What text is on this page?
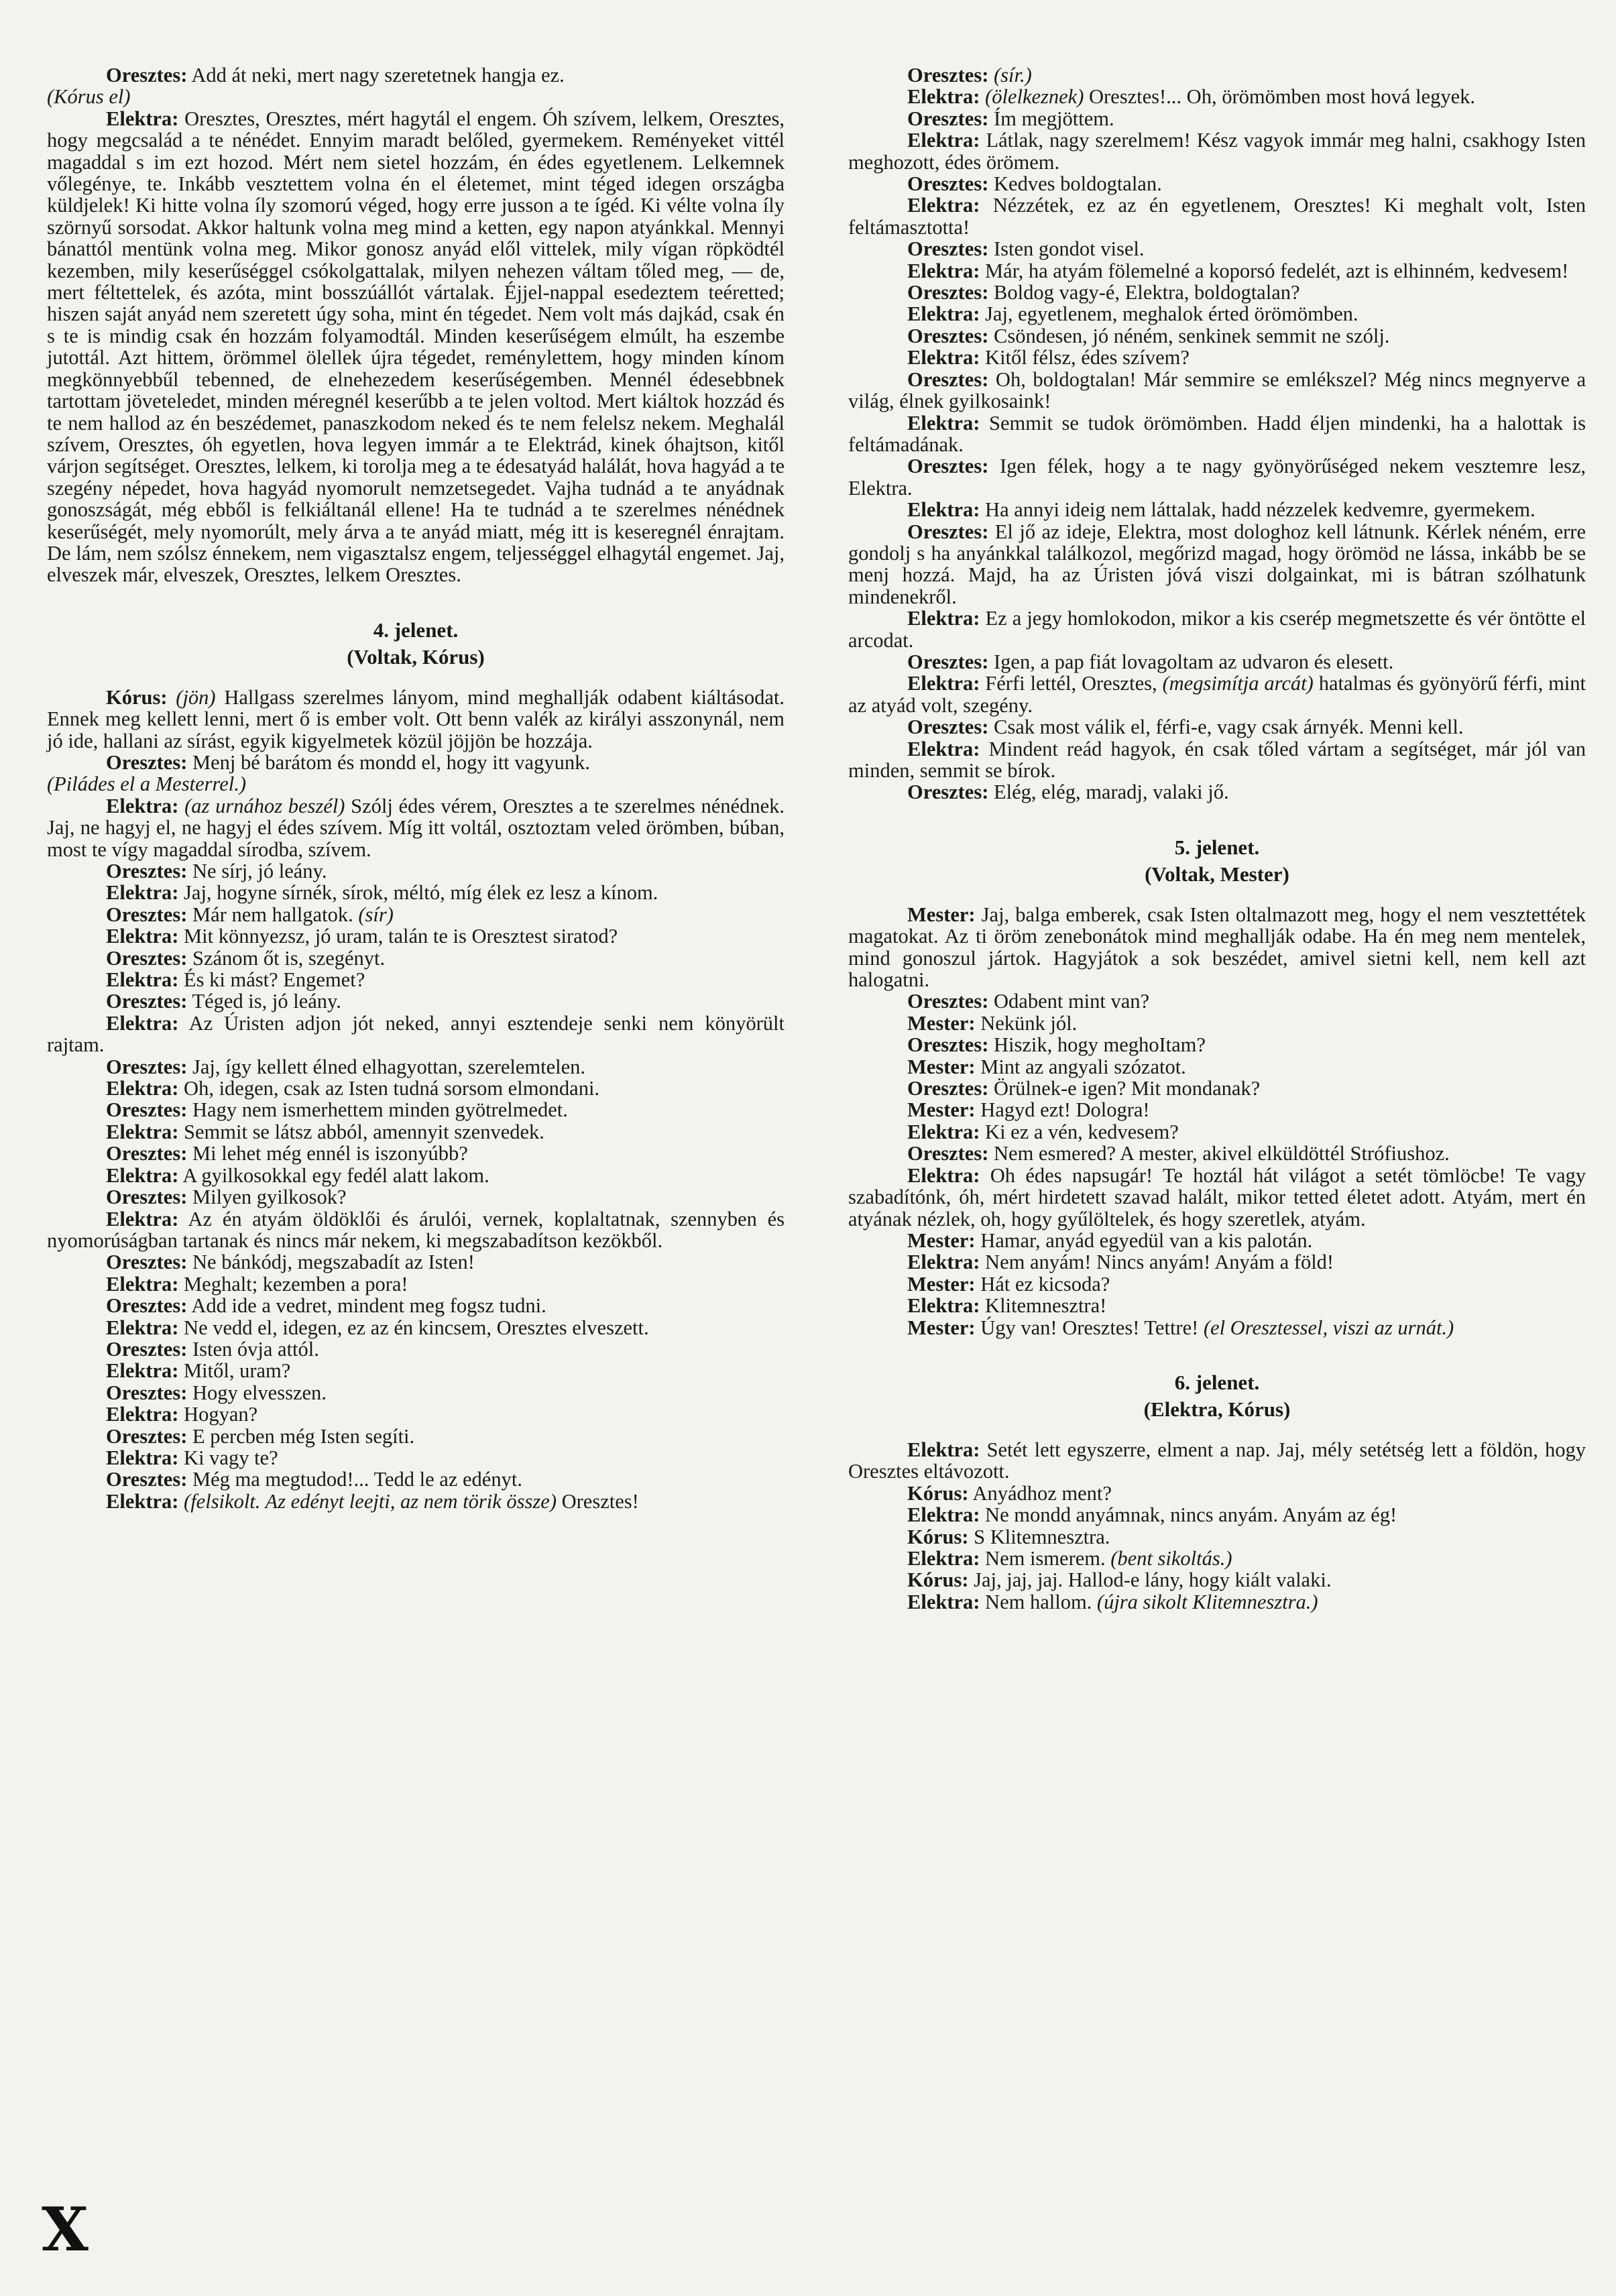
Oresztes: Add át neki, mert nagy szeretetnek hangja ez.

(Kórus el)

Elektra: Oresztes, Oresztes, mért hagytál el engem. Óh szívem, lelkem, Oresztes, hogy megcsalád a te nénédet. Ennyim maradt belőled, gyermekem. Reményeket vittél magaddal s im ezt hozod. Mért nem sietel hozzám, én édes egyetlenem. Lelkemnek vőlegénye, te. Inkább vesztettem volna én el életemet, mint téged idegen országba küldjelek! Ki hitte volna íly szomorú véged, hogy erre jusson a te ígéd. Ki vélte volna íly szörnyű sorsodat. Akkor haltunk volna meg mind a ketten, egy napon atyánkkal. Mennyi bánattól mentünk volna meg. Mikor gonosz anyád elől vittelek, mily vígan röpködtél kezemben, mily keserűséggel csókolgattalak, milyen nehezen váltam tőled meg, — de, mert féltettelek, és azóta, mint bosszúállót vártalak. Éjjel-nappal esedeztem teéretted; hiszen saját anyád nem szeretett úgy soha, mint én tégedet. Nem volt más dajkád, csak én s te is mindig csak én hozzám folyamodtál. Minden keserűségem elmúlt, ha eszembe jutottál. Azt hittem, örömmel ölellek újra tégedet, reménylettem, hogy minden kínom megkönnyebbűl tebenned, de elnehezedem keserűségemben. Mennél édesebbnek tartottam jöveteledet, minden méregnél keserűbb a te jelen voltod. Mert kiáltok hozzád és te nem hallod az én beszédemet, panaszkodom neked és te nem felelsz nekem. Meghalál szívem, Oresztes, óh egyetlen, hova legyen immár a te Elektrád, kinek óhajtson, kitől várjon segítséget. Oresztes, lelkem, ki torolja meg a te édesatyád halálát, hova hagyád a te szegény népedet, hova hagyád nyomorult nemzetsegedet. Vajha tudnád a te anyádnak gonoszságát, még ebből is felkiáltanál ellene! Ha te tudnád a te szerelmes nénédnek keserűségét, mely nyomorúlt, mely árva a te anyád miatt, még itt is keseregnél énrajtam. De lám, nem szólsz énnekem, nem vigasztalsz engem, teljességgel elhagytál engemet. Jaj, elveszek már, elveszek, Oresztes, lelkem Oresztes.

4. jelenet.

(Voltak, Kórus)

Kórus: (jön) Hallgass szerelmes lányom, mind meghallják odabent kiáltásodat. Ennek meg kellett lenni, mert ő is ember volt. Ott benn valék az királyi asszonynál, nem jó ide, hallani az sírást, egyik kigyelmetek közül jöjjön be hozzája.

Oresztes: Menj bé barátom és mondd el, hogy itt vagyunk.

(Piládes el a Mesterrel.)

Elektra: (az urnához beszél) Szólj édes vérem, Oresztes a te szerelmes nénédnek. Jaj, ne hagyj el, ne hagyj el édes szívem. Míg itt voltál, osztoztam veled örömben, búban, most te vígy magaddal sírodba, szívem.

Oresztes: Ne sírj, jó leány.

Elektra: Jaj, hogyne sírnék, sírok, méltó, míg élek ez lesz a kínom.

Oresztes: Már nem hallgatok. (sír)

Elektra: Mit könnyezsz, jó uram, talán te is Oresztest siratod?

Oresztes: Szánom őt is, szegényt.

Elektra: És ki mást? Engemet?

Oresztes: Téged is, jó leány.

Elektra: Az Úristen adjon jót neked, annyi esztendeje senki nem könyörült rajtam.

Oresztes: Jaj, így kellett élned elhagyottan, szerelemtelen.

Elektra: Oh, idegen, csak az Isten tudná sorsom elmondani.

Oresztes: Hagy nem ismerhettem minden gyötrelmedet.

Elektra: Semmit se látsz abból, amennyit szenvedek.

Oresztes: Mi lehet még ennél is iszonyúbb?

Elektra: A gyilkosokkal egy fedél alatt lakom.

Oresztes: Milyen gyilkosok?

Elektra: Az én atyám öldöklői és árulói, vernek, koplaltatnak, szennyben és nyomorúságban tartanak és nincs már nekem, ki megszabadítson kezökből.

Oresztes: Ne bánkódj, megszabadít az Isten!

Elektra: Meghalt; kezemben a pora!

Oresztes: Add ide a vedret, mindent meg fogsz tudni.

Elektra: Ne vedd el, idegen, ez az én kincsem, Oresztes elveszett.

Oresztes: Isten óvja attól.

Elektra: Mitől, uram?

Oresztes: Hogy elvesszen.

Elektra: Hogyan?

Oresztes: E percben még Isten segíti.

Elektra: Ki vagy te?

Oresztes: Még ma megtudod!... Tedd le az edényt.

Elektra: (felsikolt. Az edényt leejti, az nem törik össze) Oresztes!

Oresztes: (sír.)

Elektra: (ölelkeznek) Oresztes!... Oh, örömömben most hová legyek.

Oresztes: Ím megjöttem.

Elektra: Látlak, nagy szerelmem! Kész vagyok immár meg halni, csakhogy Isten meghozott, édes örömem.

Oresztes: Kedves boldogtalan.

Elektra: Nézzétek, ez az én egyetlenem, Oresztes! Ki meghalt volt, Isten feltámasztotta!

Oresztes: Isten gondot visel.

Elektra: Már, ha atyám fölemelné a koporsó fedelét, azt is elhinném, kedvesem!

Oresztes: Boldog vagy-é, Elektra, boldogtalan?

Elektra: Jaj, egyetlenem, meghalok érted örömömben.

Oresztes: Csöndesen, jó néném, senkinek semmit ne szólj.

Elektra: Kitől félsz, édes szívem?

Oresztes: Oh, boldogtalan! Már semmire se emlékszel? Még nincs megnyerve a világ, élnek gyilkosaink!

Elektra: Semmit se tudok örömömben. Hadd éljen mindenki, ha a halottak is feltámadának.

Oresztes: Igen félek, hogy a te nagy gyönyörűséged nekem vesztemre lesz, Elektra.

Elektra: Ha annyi ideig nem láttalak, hadd nézzelek kedvemre, gyermekem.

Oresztes: El jő az ideje, Elektra, most dologhoz kell látnunk. Kérlek néném, erre gondolj s ha anyánkkal találkozol, megőrizd magad, hogy örömöd ne lássa, inkább be se menj hozzá. Majd, ha az Úristen jóvá viszi dolgainkat, mi is bátran szólhatunk mindenekről.

Elektra: Ez a jegy homlokodon, mikor a kis cserép megmetszette és vér öntötte el arcodat.

Oresztes: Igen, a pap fiát lovagoltam az udvaron és elesett.

Elektra: Férfi lettél, Oresztes, (megsimítja arcát) hatalmas és gyönyörű férfi, mint az atyád volt, szegény.

Oresztes: Csak most válik el, férfi-e, vagy csak árnyék. Menni kell.

Elektra: Mindent reád hagyok, én csak tőled vártam a segítséget, már jól van minden, semmit se bírok.

Oresztes: Elég, elég, maradj, valaki jő.

5. jelenet.

(Voltak, Mester)

Mester: Jaj, balga emberek, csak Isten oltalmazott meg, hogy el nem vesztettétek magatokat. Az ti öröm zenebonátok mind meghallják odabe. Ha én meg nem mentelek, mind gonoszul jártok. Hagyjátok a sok beszédet, amivel sietni kell, nem kell azt halogatni.

Oresztes: Odabent mint van?

Mester: Nekünk jól.

Oresztes: Hiszik, hogy meghoItam?

Mester: Mint az angyali szózatot.

Oresztes: Örülnek-e igen? Mit mondanak?

Mester: Hagyd ezt! Dologra!

Elektra: Ki ez a vén, kedvesem?

Oresztes: Nem esmered? A mester, akivel elküldöttél Strófiushoz.

Elektra: Oh édes napsugár! Te hoztál hát világot a setét tömlöcbe! Te vagy szabadítónk, óh, mért hirdetett szavad halált, mikor tetted életet adott. Atyám, mert én atyának nézlek, oh, hogy gyűlöltelek, és hogy szeretlek, atyám.

Mester: Hamar, anyád egyedül van a kis palotán.

Elektra: Nem anyám! Nincs anyám! Anyám a föld!

Mester: Hát ez kicsoda?

Elektra: Klitemnesztra!

Mester: Úgy van! Oresztes! Tettre! (el Oresztessel, viszi az urnát.)

6. jelenet.

(Elektra, Kórus)

Elektra: Setét lett egyszerre, elment a nap. Jaj, mély setétség lett a földön, hogy Oresztes eltávozott.

Kórus: Anyádhoz ment?

Elektra: Ne mondd anyámnak, nincs anyám. Anyám az ég!

Kórus: S Klitemnesztra.

Elektra: Nem ismerem. (bent sikoltás.)

Kórus: Jaj, jaj, jaj. Hallod-e lány, hogy kiált valaki.

Elektra: Nem hallom. (újra sikolt Klitemnesztra.)

X
